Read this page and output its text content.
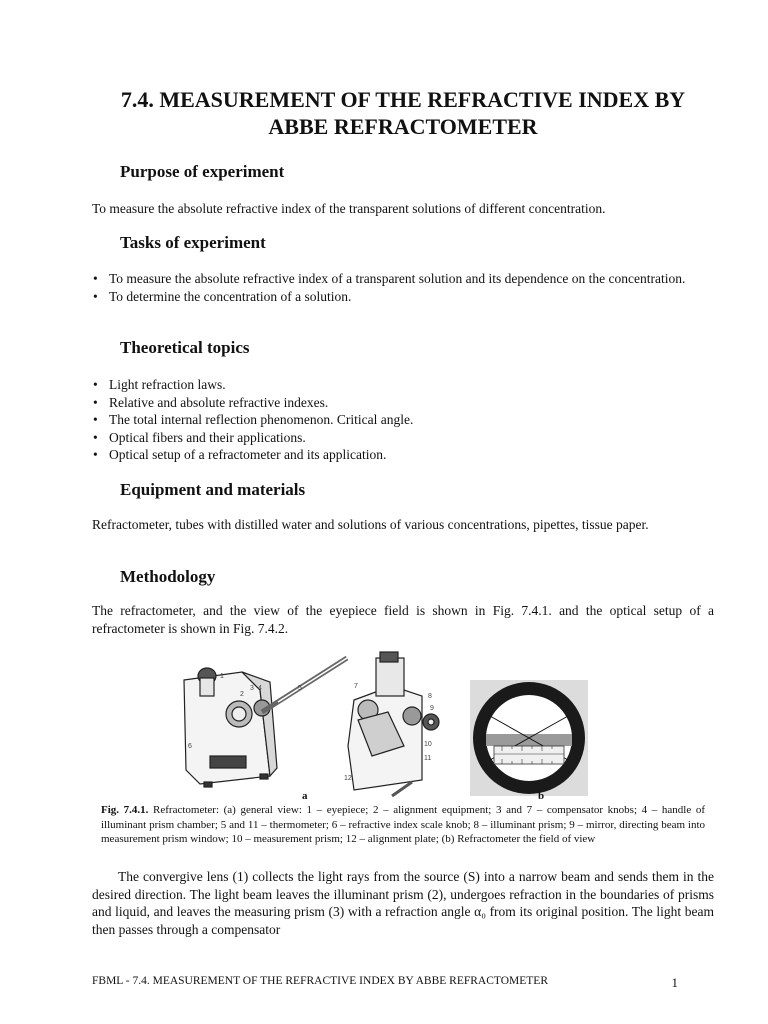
7.4. MEASUREMENT OF THE REFRACTIVE INDEX BY ABBE REFRACTOMETER
Purpose of experiment

To measure the absolute refractive index of the transparent solutions of different concentration.

Tasks of experiment
• To measure the absolute refractive index of a transparent solution and its dependence on the concentration.
• To determine the concentration of a solution.
Theoretical topics
• Light refraction laws.
• Relative and absolute refractive indexes.
• The total internal reflection phenomenon. Critical angle.
• Optical fibers and their applications.
• Optical setup of a refractometer and its application.
Equipment and materials

Refractometer, tubes with distilled water and solutions of various concentrations, pipettes, tissue paper.

Methodology

The refractometer, and the view of the eyepiece field is shown in Fig. 7.4.1. and the optical setup of a refractometer is shown in Fig. 7.4.2.

1
2
3 4	5
6
7
8
9
10
11
12
a	b
Fig. 7.4.1. Refractometer: (a) general view: 1 – eyepiece; 2 – alignment equipment; 3 and 7 – compensator knobs; 4 – handle of illuminant prism chamber; 5 and 11 – thermometer; 6 – refractive index scale knob; 8 – illuminant prism; 9 – mirror, directing beam into measurement prism window; 10 – measurement prism; 12 – alignment plate; (b) Refractometer the field of view

The convergive lens (1) collects the light rays from the source (S) into a narrow beam and sends them in the desired direction. The light beam leaves the illuminant prism (2), undergoes refraction in the boundaries of prisms and liquid, and leaves the measuring prism (3) with a refraction angle α₀ from its original position. The light beam then passes through a compensator

FBML - 7.4. MEASUREMENT OF THE REFRACTIVE INDEX BY ABBE REFRACTOMETER	1
